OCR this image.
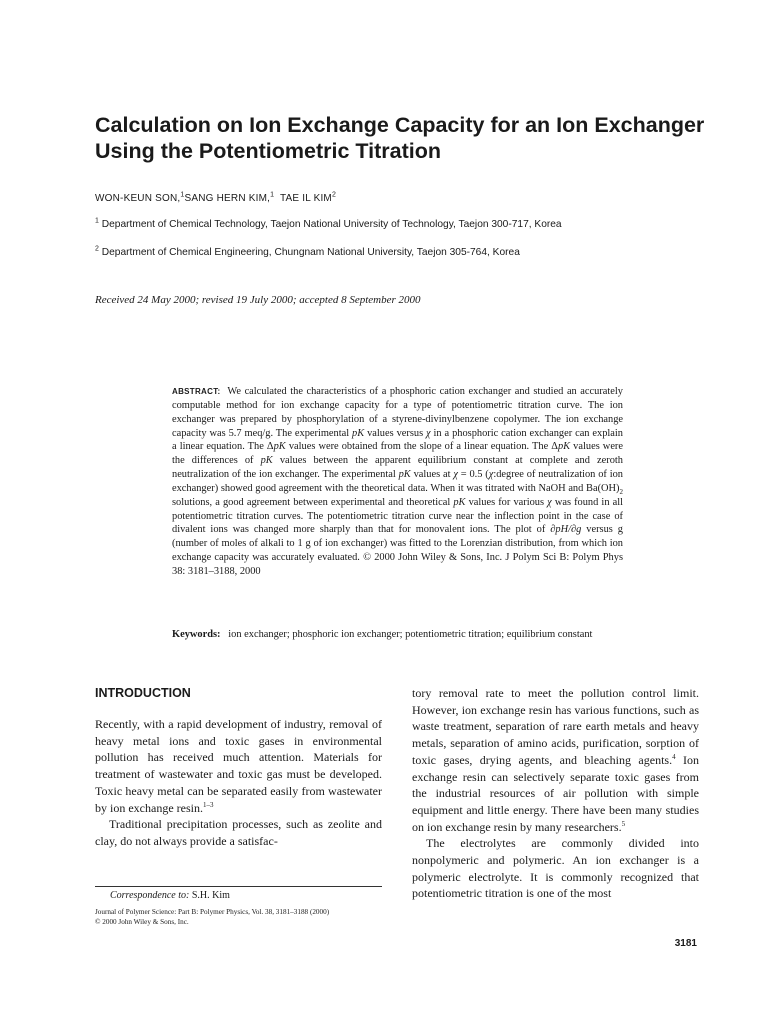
Calculation on Ion Exchange Capacity for an Ion Exchanger
Using the Potentiometric Titration
WON-KEUN SON,$^1$SANG HERN KIM,$^1$ TAE IL KIM$^2$
$^1$ Department of Chemical Technology, Taejon National University of Technology, Taejon 300-717, Korea
$^2$ Department of Chemical Engineering, Chungnam National University, Taejon 305-764, Korea
Received 24 May 2000; revised 19 July 2000; accepted 8 September 2000
ABSTRACT: We calculated the characteristics of a phosphoric cation exchanger and studied an accurately computable method for ion exchange capacity for a type of potentiometric titration curve. The ion exchanger was prepared by phosphorylation of a styrene-divinylbenzene copolymer. The ion exchange capacity was 5.7 meq/g. The experimental pK values versus χ in a phosphoric cation exchanger can explain a linear equation. The ΔpK values were obtained from the slope of a linear equation. The ΔpK values were the differences of pK values between the apparent equilibrium constant at complete and zeroth neutralization of the ion exchanger. The experimental pK values at χ = 0.5 (χ:degree of neutralization of ion exchanger) showed good agreement with the theoretical data. When it was titrated with NaOH and $Ba(OH)_2$ solutions, a good agreement between experimental and theoretical pK values for various χ was found in all potentiometric titration curves. The potentiometric titration curve near the inflection point in the case of divalent ions was changed more sharply than that for monovalent ions. The plot of ∂pH/∂g versus g (number of moles of alkali to 1 g of ion exchanger) was fitted to the Lorenzian distribution, from which ion exchange capacity was accurately evaluated. © 2000 John Wiley & Sons, Inc. J Polym Sci B: Polym Phys 38: 3181–3188, 2000
Keywords: ion exchanger; phosphoric ion exchanger; potentiometric titration; equilibrium constant
INTRODUCTION

Recently, with a rapid development of industry, removal of heavy metal ions and toxic gases in environmental pollution has received much attention. Materials for treatment of wastewater and toxic gas must be developed. Toxic heavy metal can be separated easily from wastewater by ion exchange resin.$^{1-3}$

Traditional precipitation processes, such as zeolite and clay, do not always provide a satisfac-

tory removal rate to meet the pollution control limit. However, ion exchange resin has various functions, such as waste treatment, separation of rare earth metals and heavy metals, separation of amino acids, purification, sorption of toxic gases, drying agents, and bleaching agents.$^4$ Ion exchange resin can selectively separate toxic gases from the industrial resources of air pollution with simple equipment and little energy. There have been many studies on ion exchange resin by many researchers.$^5$

The electrolytes are commonly divided into nonpolymeric and polymeric. An ion exchanger is a polymeric electrolyte. It is commonly recognized that potentiometric titration is one of the most

Correspondence to: S.H. Kim
Journal of Polymer Science: Part B: Polymer Physics, Vol. 38, 3181–3188 (2000)
© 2000 John Wiley & Sons, Inc.
3181
